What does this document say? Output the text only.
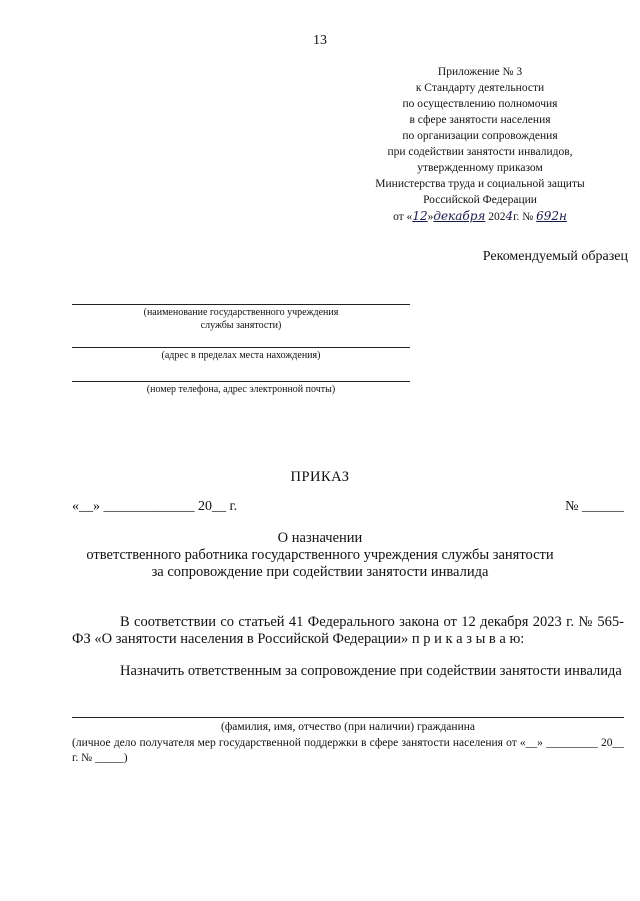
13
Приложение № 3
к Стандарту деятельности
по осуществлению полномочия
в сфере занятости населения
по организации сопровождения
при содействии занятости инвалидов,
утвержденному приказом
Министерства труда и социальной защиты
Российской Федерации
от «12»декабря 2024г. № 692н
Рекомендуемый образец
(наименование государственного учреждения
службы занятости)
(адрес в пределах места нахождения)
(номер телефона, адрес электронной почты)
ПРИКАЗ
«__» _____________ 20__ г.	№ ______
О назначении
ответственного работника государственного учреждения службы занятости
за сопровождение при содействии занятости инвалида
В соответствии со статьей 41 Федерального закона от 12 декабря 2023 г. № 565-ФЗ «О занятости населения в Российской Федерации» п р и к а з ы в а ю:
Назначить ответственным за сопровождение при содействии занятости инвалида
(фамилия, имя, отчество (при наличии) гражданина
(личное дело получателя мер государственной поддержки в сфере занятости населения от «__» _________ 20__ г. № _____)
